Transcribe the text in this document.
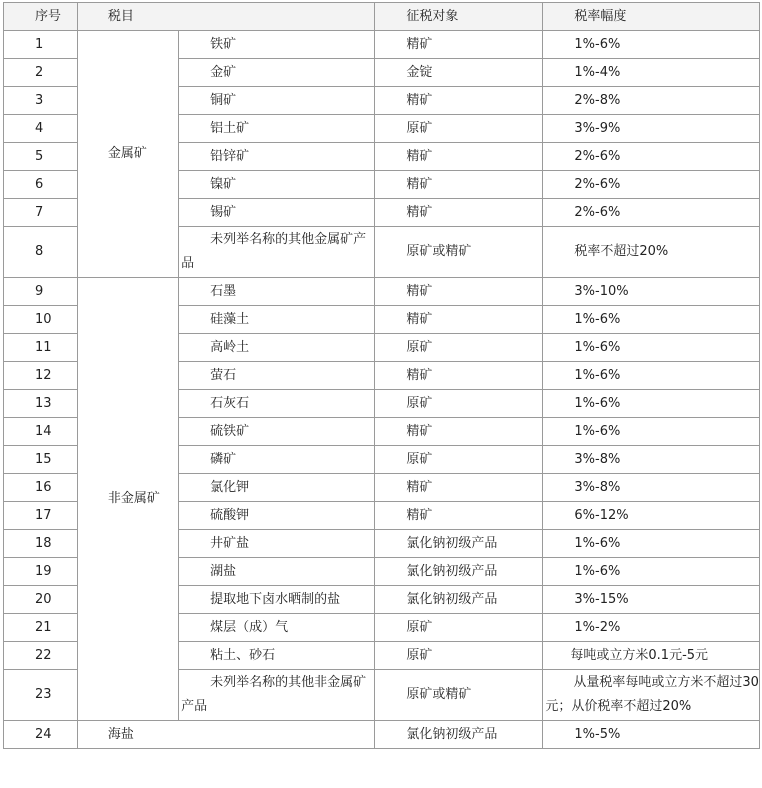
序号	税目		征税对象	税率幅度
1	金属矿	铁矿	精矿	1%-6%
2		金矿	金锭	1%-4%
3		铜矿	精矿	2%-8%
4		铝土矿	原矿	3%-9%
5		铅锌矿	精矿	2%-6%
6		镍矿	精矿	2%-6%
7		锡矿	精矿	2%-6%
8		未列举名称的其他金属矿产品	原矿或精矿	税率不超过20%
9	非金属矿	石墨	精矿	3%-10%
10		硅藻土	精矿	1%-6%
11		高岭土	原矿	1%-6%
12		萤石	精矿	1%-6%
13		石灰石	原矿	1%-6%
14		硫铁矿	精矿	1%-6%
15		磷矿	原矿	3%-8%
16		氯化钾	精矿	3%-8%
17		硫酸钾	精矿	6%-12%
18		井矿盐	氯化钠初级产品	1%-6%
19		湖盐	氯化钠初级产品	1%-6%
20		提取地下卤水晒制的盐	氯化钠初级产品	3%-15%
21		煤层（成）气	原矿	1%-2%
22		粘土、砂石	原矿	每吨或立方米0.1元-5元
23		未列举名称的其他非金属矿产品	原矿或精矿	从量税率每吨或立方米不超过30元；从价税率不超过20%
24	海盐		氯化钠初级产品	1%-5%
